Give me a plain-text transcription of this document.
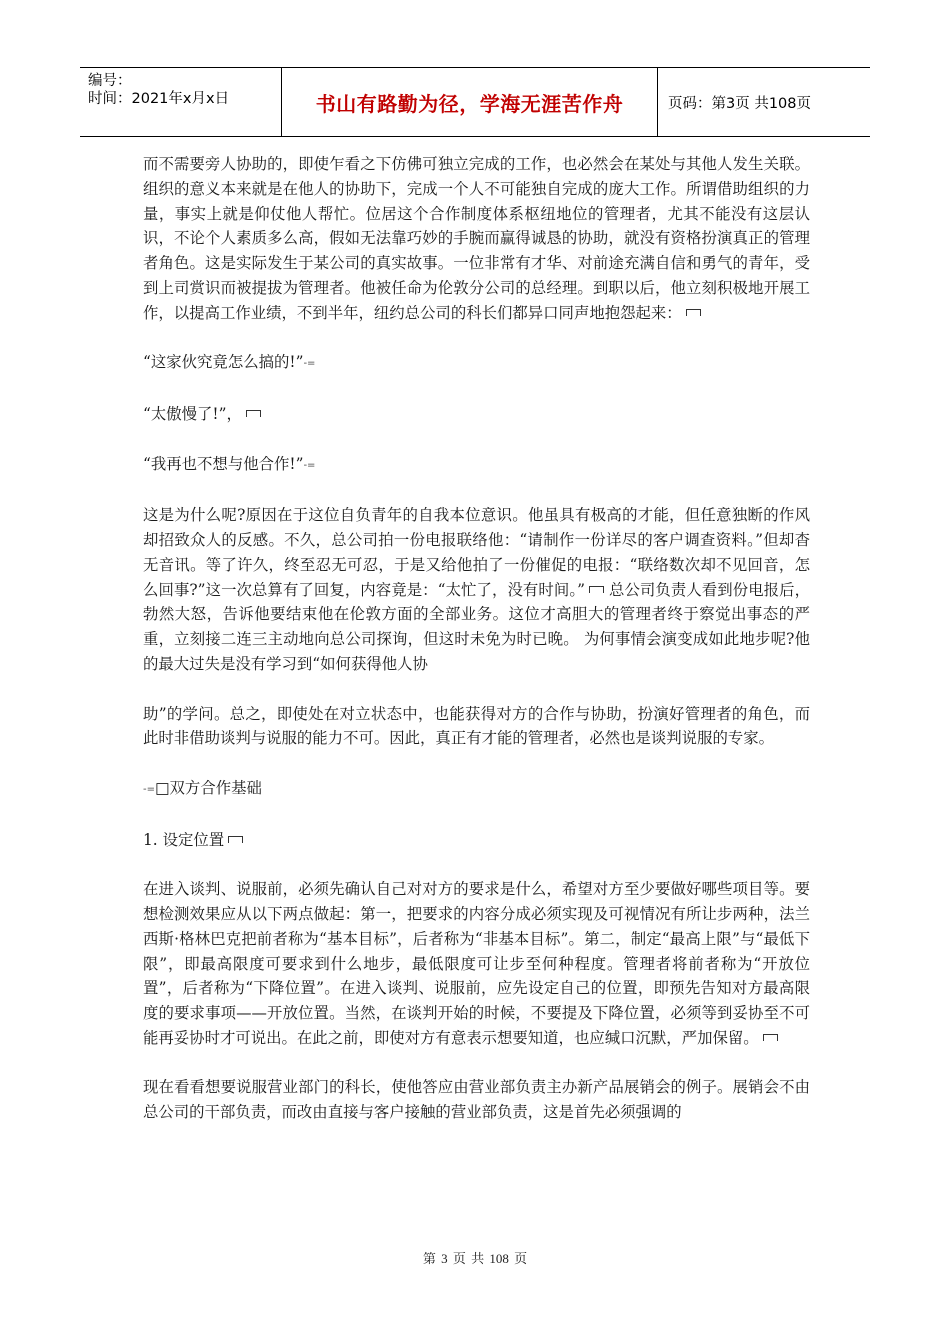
编号：
时间：2021年x月x日	书山有路勤为径，学海无涯苦作舟	页码：第3页 共108页

而不需要旁人协助的，即使乍看之下仿佛可独立完成的工作，也必然会在某处与其他人发生关联。组织的意义本来就是在他人的协助下，完成一个人不可能独自完成的庞大工作。所谓借助组织的力量，事实上就是仰仗他人帮忙。位居这个合作制度体系枢纽地位的管理者，尤其不能没有这层认识，不论个人素质多么高，假如无法靠巧妙的手腕而赢得诚恳的协助，就没有资格扮演真正的管理者角色。这是实际发生于某公司的真实故事。一位非常有才华、对前途充满自信和勇气的青年，受到上司赏识而被提拔为管理者。他被任命为伦敦分公司的总经理。到职以后，他立刻积极地开展工作，以提高工作业绩，不到半年，纽约总公司的科长们都异口同声地抱怨起来：

“这家伙究竟怎么搞的!”-=

“太傲慢了!”，

“我再也不想与他合作!”-=

这是为什么呢?原因在于这位自负青年的自我本位意识。他虽具有极高的才能，但任意独断的作风却招致众人的反感。不久，总公司拍一份电报联络他：“请制作一份详尽的客户调查资料。”但却杳无音讯。等了许久，终至忍无可忍，于是又给他拍了一份催促的电报：“联络数次却不见回音，怎么回事?”这一次总算有了回复，内容竟是：“太忙了，没有时间。” 总公司负责人看到份电报后，勃然大怒，告诉他要结束他在伦敦方面的全部业务。这位才高胆大的管理者终于察觉出事态的严重，立刻接二连三主动地向总公司探询，但这时未免为时已晚。 为何事情会演变成如此地步呢?他的最大过失是没有学习到“如何获得他人协

助”的学问。总之，即使处在对立状态中，也能获得对方的合作与协助，扮演好管理者的角色，而此时非借助谈判与说服的能力不可。因此，真正有才能的管理者，必然也是谈判说服的专家。

-=□双方合作基础

1. 设定位置

在进入谈判、说服前，必须先确认自己对对方的要求是什么，希望对方至少要做好哪些项目等。要想检测效果应从以下两点做起：第一，把要求的内容分成必须实现及可视情况有所让步两种，法兰西斯·格林巴克把前者称为“基本目标”，后者称为“非基本目标”。第二，制定“最高上限”与“最低下限”，即最高限度可要求到什么地步，最低限度可让步至何种程度。管理者将前者称为“开放位置”，后者称为“下降位置”。在进入谈判、说服前，应先设定自己的位置，即预先告知对方最高限度的要求事项——开放位置。当然，在谈判开始的时候，不要提及下降位置，必须等到妥协至不可能再妥协时才可说出。在此之前，即使对方有意表示想要知道，也应缄口沉默，严加保留。

现在看看想要说服营业部门的科长，使他答应由营业部负责主办新产品展销会的例子。展销会不由总公司的干部负责，而改由直接与客户接触的营业部负责，这是首先必须强调的

第 3 页 共 108 页
